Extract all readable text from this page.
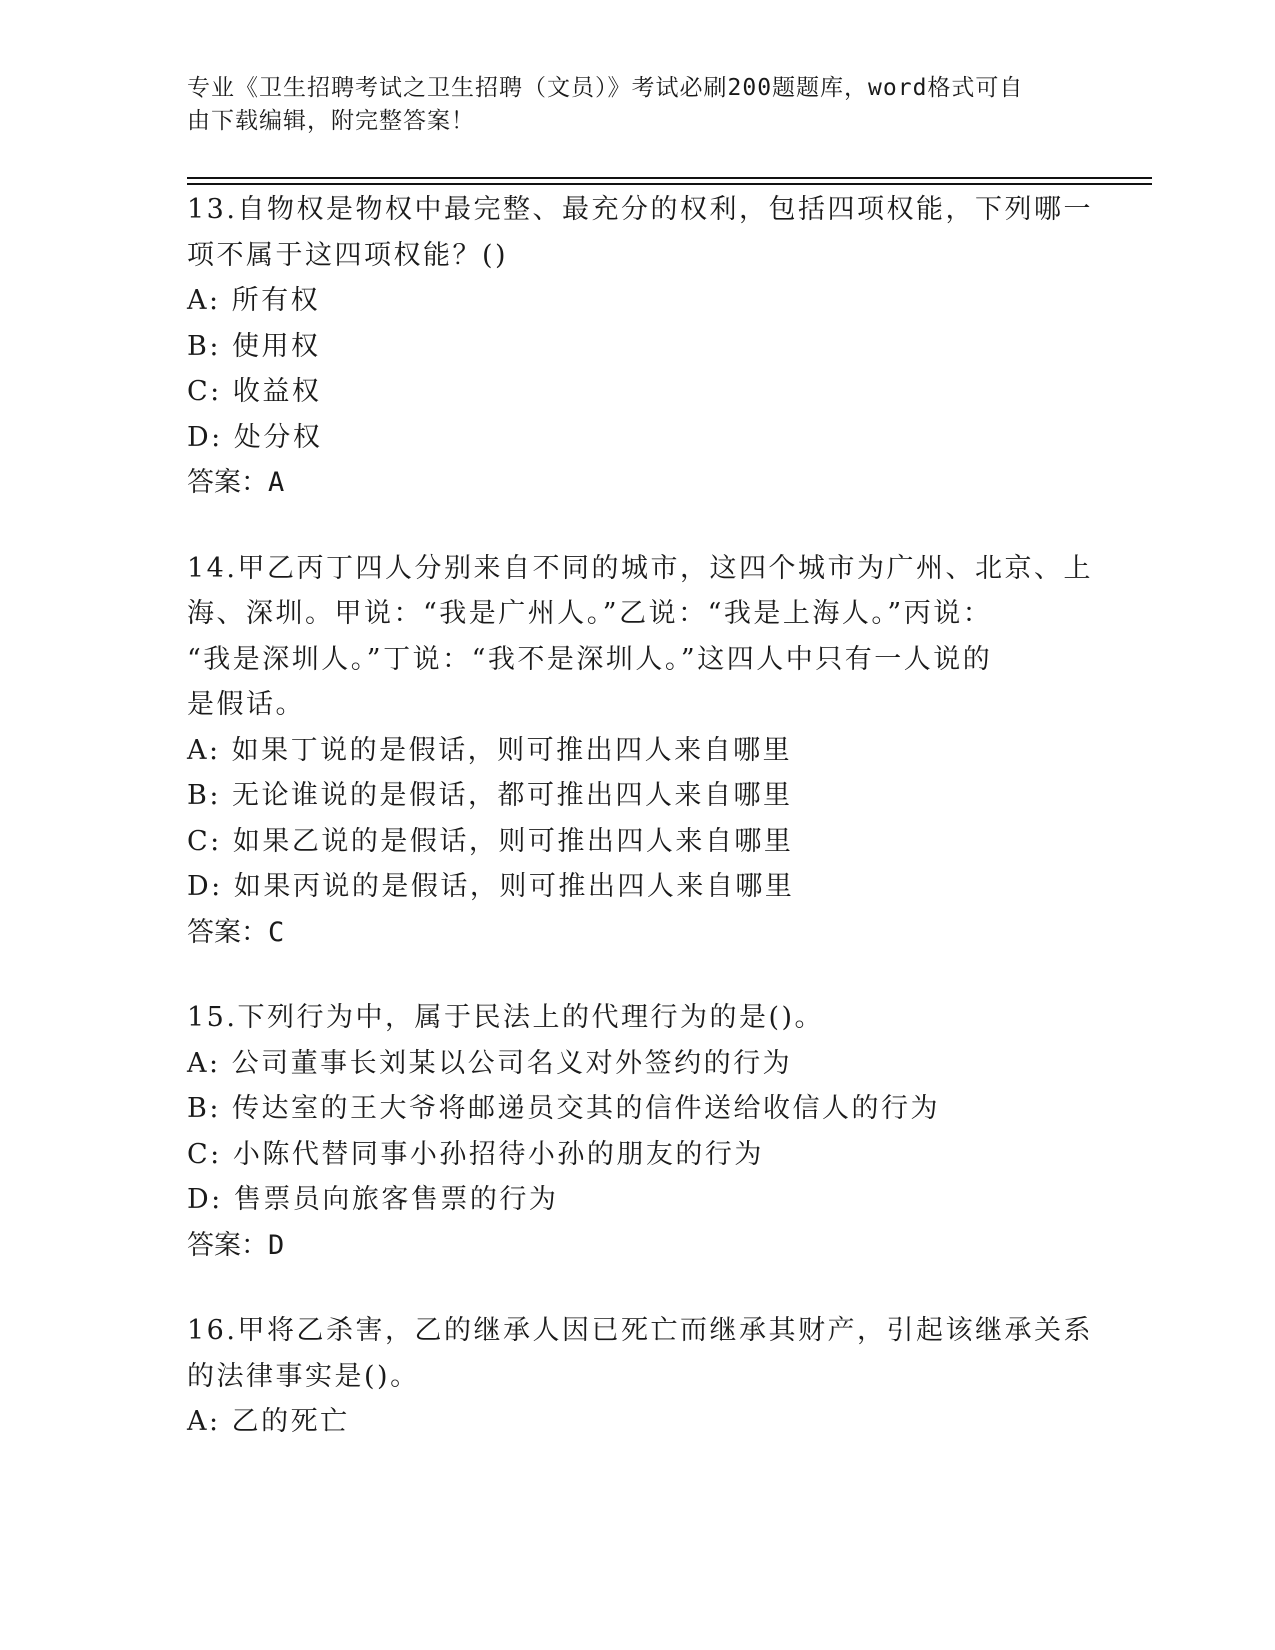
专业《卫生招聘考试之卫生招聘（文员）》考试必刷200题题库，word格式可自
由下载编辑，附完整答案！
13.自物权是物权中最完整、最充分的权利，包括四项权能，下列哪一
项不属于这四项权能？()
A: 所有权
B: 使用权
C: 收益权
D: 处分权
答案：A
14.甲乙丙丁四人分别来自不同的城市，这四个城市为广州、北京、上
海、深圳。甲说：“我是广州人。”乙说：“我是上海人。”丙说：
“我是深圳人。”丁说：“我不是深圳人。”这四人中只有一人说的
是假话。
A: 如果丁说的是假话，则可推出四人来自哪里
B: 无论谁说的是假话，都可推出四人来自哪里
C: 如果乙说的是假话，则可推出四人来自哪里
D: 如果丙说的是假话，则可推出四人来自哪里
答案：C
15.下列行为中，属于民法上的代理行为的是()。
A: 公司董事长刘某以公司名义对外签约的行为
B: 传达室的王大爷将邮递员交其的信件送给收信人的行为
C: 小陈代替同事小孙招待小孙的朋友的行为
D: 售票员向旅客售票的行为
答案：D
16.甲将乙杀害，乙的继承人因已死亡而继承其财产，引起该继承关系
的法律事实是()。
A: 乙的死亡
